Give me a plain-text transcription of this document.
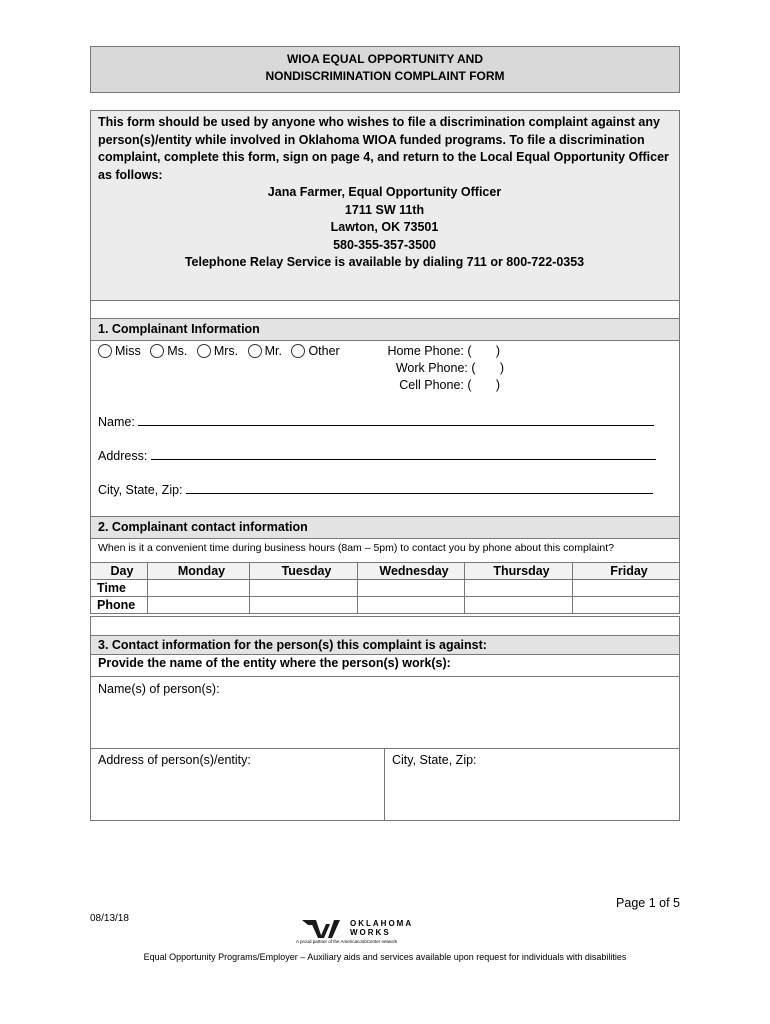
WIOA EQUAL OPPORTUNITY AND
NONDISCRIMINATION COMPLAINT FORM
This form should be used by anyone who wishes to file a discrimination complaint against any person(s)/entity while involved in Oklahoma WIOA funded programs. To file a discrimination complaint, complete this form, sign on page 4, and return to the Local Equal Opportunity Officer as follows:
Jana Farmer, Equal Opportunity Officer
1711 SW 11th
Lawton, OK 73501
580-355-357-3500
Telephone Relay Service is available by dialing 711 or 800-722-0353
1. Complainant Information
Miss
Ms.
Mrs.
Mr.
Other	Home Phone: (       )
Work Phone: (       )
Cell Phone: (       )
Name:
Address:
City, State, Zip:
2. Complainant contact information
When is it a convenient time during business hours (8am – 5pm) to contact you by phone about this complaint?
Day	Monday	Tuesday	Wednesday	Thursday	Friday
Time					
Phone					
3. Contact information for the person(s) this complaint is against:
Provide the name of the entity where the person(s) work(s):
Name(s) of person(s):
Address of person(s)/entity:	City, State, Zip:
Page 1 of 5
08/13/18	OKLAHOMA
WORKS
A proud partner of the AmericanJobCenter network
Equal Opportunity Programs/Employer – Auxiliary aids and services available upon request for individuals with disabilities
